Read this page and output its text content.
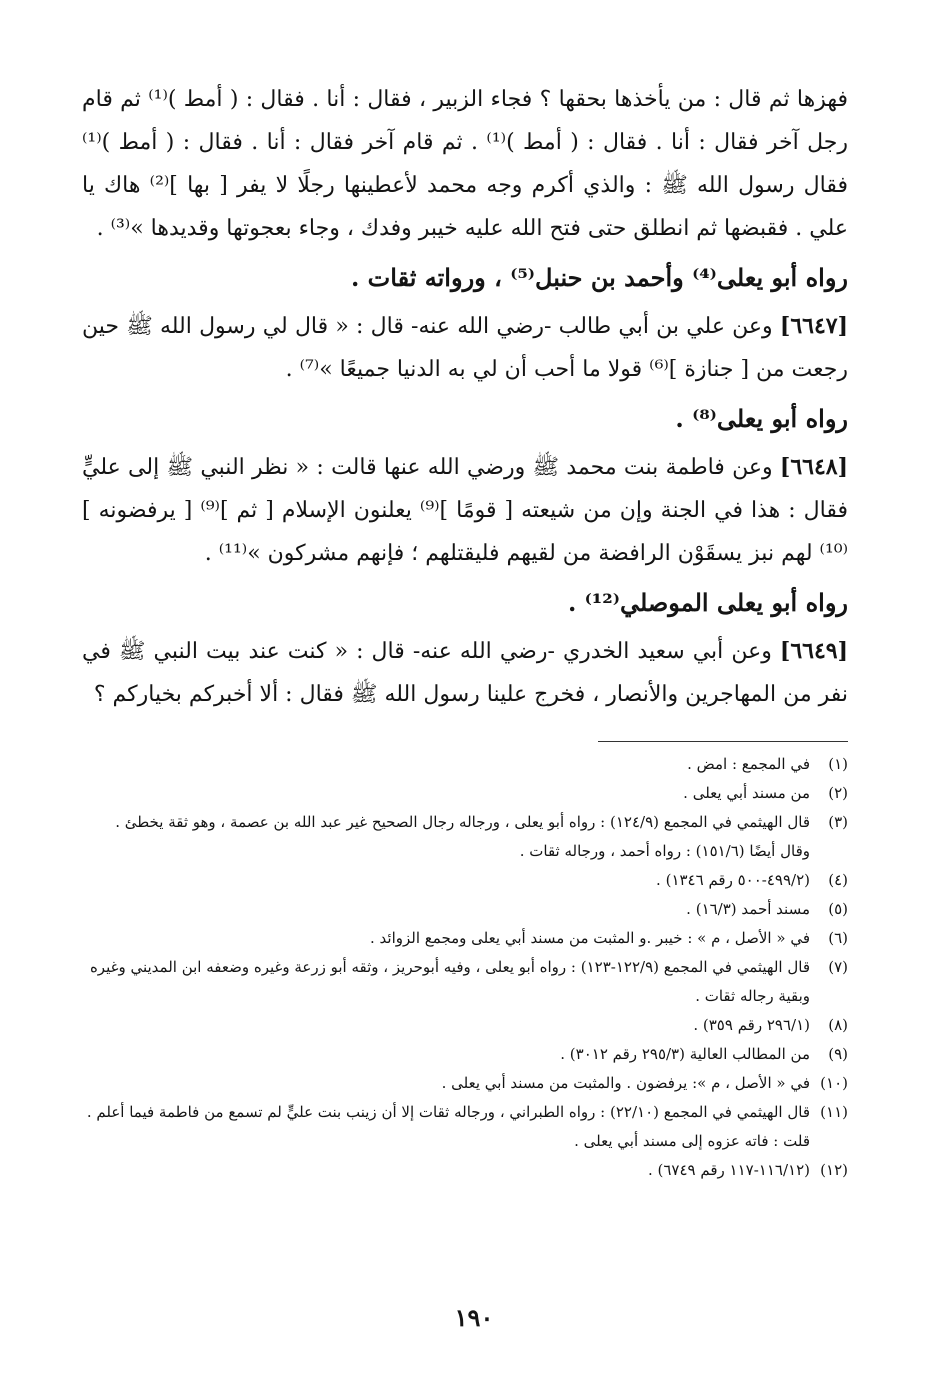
فهزها ثم قال : من يأخذها بحقها ؟ فجاء الزبير ، فقال : أنا . فقال : ( أمط )⁽¹⁾ ثم قام رجل آخر فقال : أنا . فقال : ( أمط )⁽¹⁾ . ثم قام آخر فقال : أنا . فقال : ( أمط )⁽¹⁾ فقال رسول الله ﷺ : والذي أكرم وجه محمد لأعطينها رجلًا لا يفر [ بها ]⁽²⁾ هاك يا علي . فقبضها ثم انطلق حتى فتح الله عليه خيبر وفدك ، وجاء بعجوتها وقديدها »⁽³⁾ .

رواه أبو يعلى⁽⁴⁾ وأحمد بن حنبل⁽⁵⁾ ، ورواته ثقات .

[٦٦٤٧] وعن علي بن أبي طالب -رضي الله عنه- قال : « قال لي رسول الله ﷺ حين رجعت من [ جنازة ]⁽⁶⁾ قولا ما أحب أن لي به الدنيا جميعًا »⁽⁷⁾ .

رواه أبو يعلى⁽⁸⁾ .

[٦٦٤٨] وعن فاطمة بنت محمد ﷺ ورضي الله عنها قالت : « نظر النبي ﷺ إلى عليٍّ فقال : هذا في الجنة وإن من شيعته [ قومًا ]⁽⁹⁾ يعلنون الإسلام [ ثم ]⁽⁹⁾ [ يرفضونه ]⁽¹⁰⁾ لهم نبز يسقَوْن الرافضة من لقيهم فليقتلهم ؛ فإنهم مشركون »⁽¹¹⁾ .

رواه أبو يعلى الموصلي⁽¹²⁾ .

[٦٦٤٩] وعن أبي سعيد الخدري -رضي الله عنه- قال : « كنت عند بيت النبي ﷺ في نفر من المهاجرين والأنصار ، فخرج علينا رسول الله ﷺ فقال : ألا أخبركم بخياركم ؟

(١)
في المجمع : امض .
(٢)
من مسند أبي يعلى .
(٣)
قال الهيثمي في المجمع (١٢٤/٩) : رواه أبو يعلى ، ورجاله رجال الصحيح غير عبد الله بن عصمة ، وهو ثقة يخطئ . وقال أيضًا (١٥١/٦) : رواه أحمد ، ورجاله ثقات .
(٤)
(٤٩٩/٢-٥٠٠ رقم ١٣٤٦) .
(٥)
مسند أحمد (١٦/٣) .
(٦)
في « الأصل ، م » : خيبر .و المثبت من مسند أبي يعلى ومجمع الزوائد .
(٧)
قال الهيثمي في المجمع (١٢٢/٩-١٢٣) : رواه أبو يعلى ، وفيه أبوحريز ، وثقه أبو زرعة وغيره وضعفه ابن المديني وغيره وبقية رجاله ثقات .
(٨)
(٢٩٦/١ رقم ٣٥٩) .
(٩)
من المطالب العالية (٢٩٥/٣ رقم ٣٠١٢) .
(١٠)
في « الأصل ، م »: يرفضون . والمثبت من مسند أبي يعلى .
(١١)
قال الهيثمي في المجمع (٢٢/١٠) : رواه الطبراني ، ورجاله ثقات إلا أن زينب بنت عليٍّ لم تسمع من فاطمة فيما أعلم .
قلت : فاته عزوه إلى مسند أبي يعلى .
(١٢)
(١١٦/١٢-١١٧ رقم ٦٧٤٩) .
١٩٠
